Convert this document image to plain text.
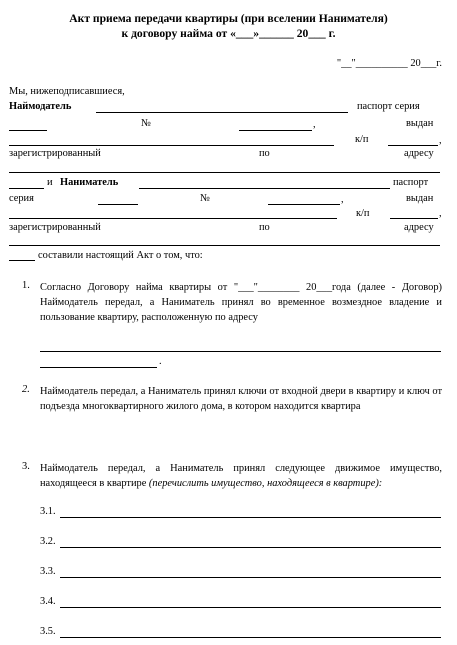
Акт приема передачи квартиры (при вселении Нанимателя)
к договору найма от «___»______ 20___ г.
"__"__________ 20___г.
Мы, нижеподписавшиеся,
Наймодатель	паспорт серия
№	,	выдан
к/п	,
зарегистрированный	по	адресу
и Наниматель	паспорт
серия	№	,	выдан
к/п	,
зарегистрированный	по	адресу
составили настоящий Акт о том, что:
1. Согласно Договору найма квартиры от "___"________ 20___года (далее - Договор) Наймодатель передал, а Наниматель принял во временное возмездное владение и пользование квартиру, расположенную по адресу
.
2. Наймодатель передал, а Наниматель принял ключи от входной двери в квартиру и ключ от подъезда многоквартирного жилого дома, в котором находится квартира
3. Наймодатель передал, а Наниматель принял следующее движимое имущество, находящееся в квартире (перечислить имущество, находящееся в квартире):
3.1.
3.2.
3.3.
3.4.
3.5.
